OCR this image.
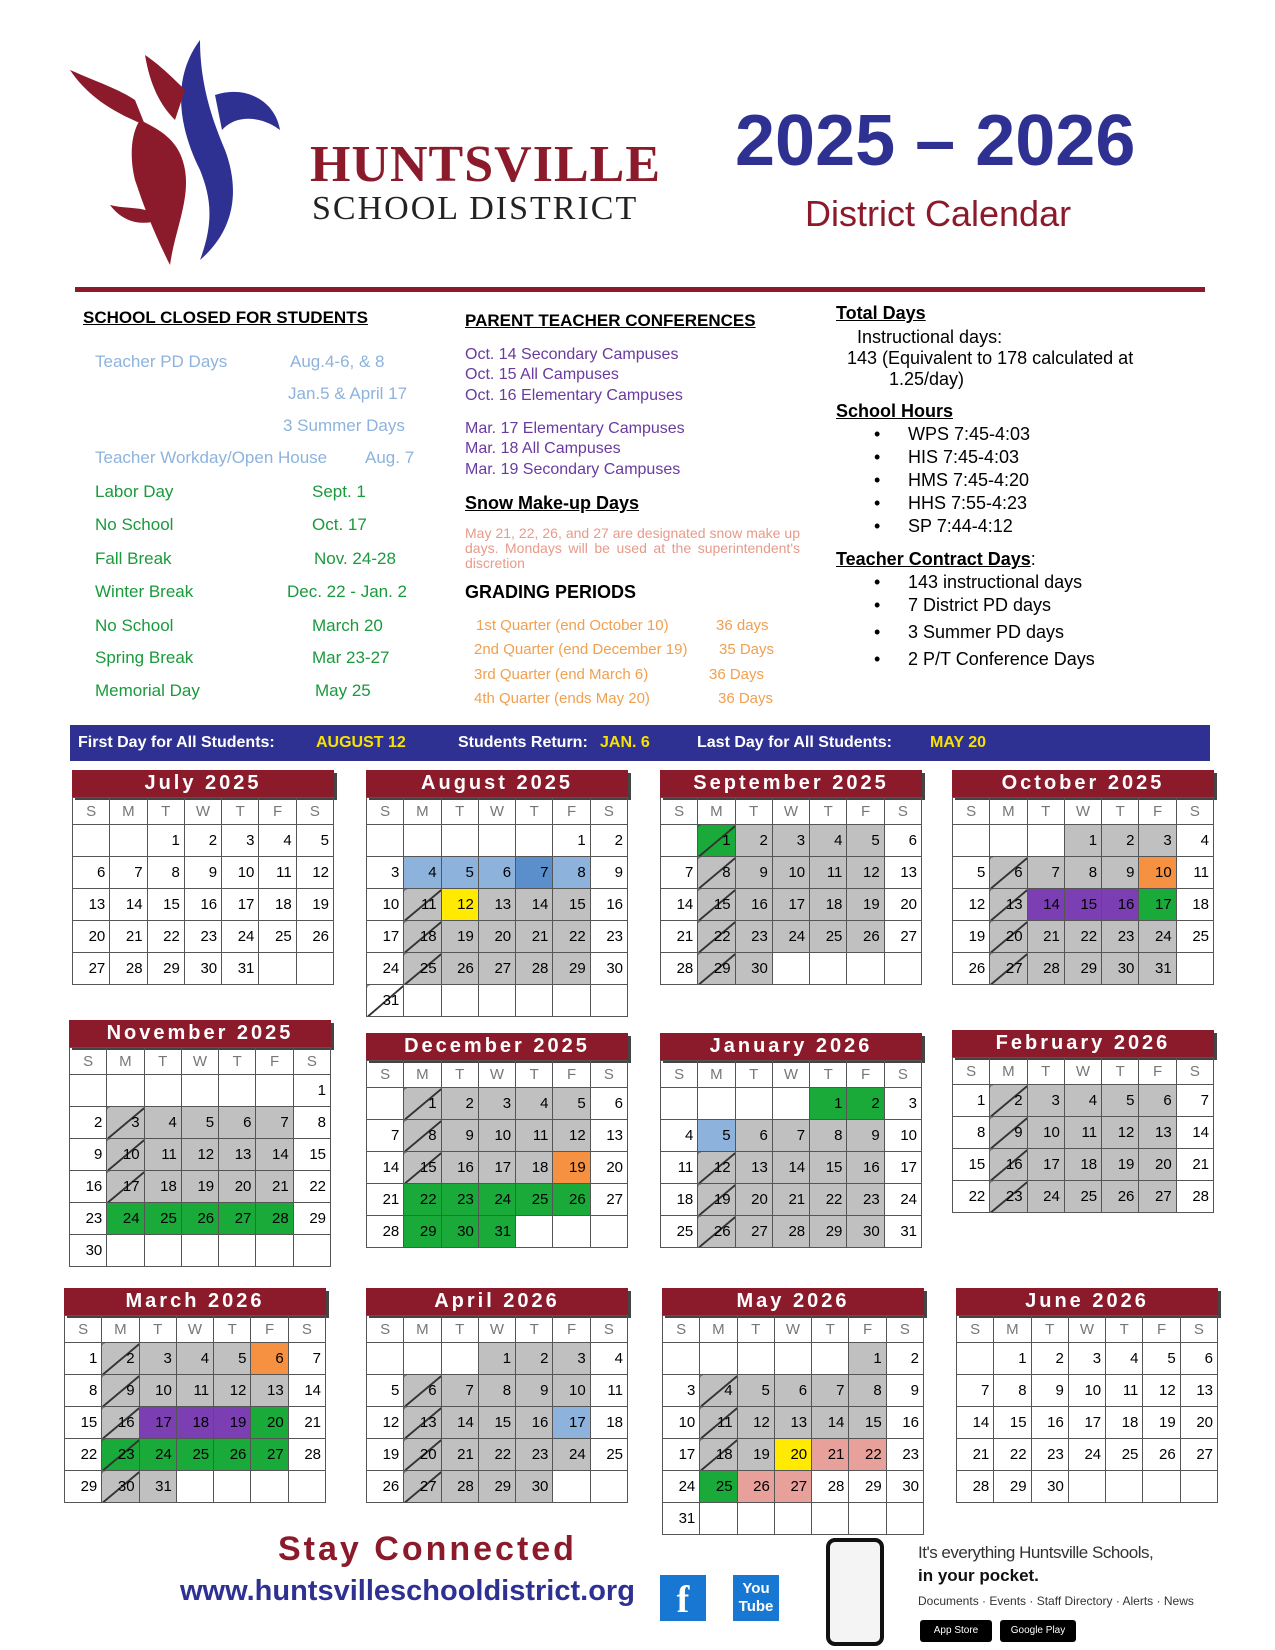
HUNTSVILLE
SCHOOL DISTRICT
2025 – 2026
District Calendar
SCHOOL CLOSED FOR STUDENTS
Teacher PD Days	Aug.4-6, & 8
Jan.5 & April 17
3 Summer Days
Teacher Workday/Open House Aug. 7
Labor Day	Sept. 1
No School	Oct. 17
Fall Break	Nov. 24-28
Winter Break	Dec. 22 - Jan. 2
No School	March 20
Spring Break	Mar 23-27
Memorial Day	May 25
PARENT TEACHER CONFERENCES
Oct. 14 Secondary Campuses
Oct. 15 All Campuses
Oct. 16 Elementary Campuses
Mar. 17 Elementary Campuses
Mar. 18 All Campuses
Mar. 19 Secondary Campuses
Snow Make-up Days
May 21, 22, 26, and 27 are designated snow make up days. Mondays will be used at the superintendent's discretion
GRADING PERIODS
1st Quarter (end October 10)	36 days
2nd Quarter (end December 19) 35 Days
3rd Quarter (end March 6)	36 Days
4th Quarter (ends May 20)	36 Days
Total Days
Instructional days:
143 (Equivalent to 178 calculated at
1.25/day)
School Hours
• WPS 7:45-4:03
• HIS 7:45-4:03
• HMS 7:45-4:20
• HHS 7:55-4:23
• SP 7:44-4:12
Teacher Contract Days:
• 143 instructional days
• 7 District PD days
• 3 Summer PD days
• 2 P/T Conference Days
First Day for All Students:	AUGUST 12	Students Return: JAN. 6	Last Day for All Students: MAY 20
July 2025
S	M	T	W	T	F	S
		1	2	3	4	5
6	7	8	9	10	11	12
13	14	15	16	17	18	19
20	21	22	23	24	25	26
27	28	29	30	31		
August 2025
S	M	T	W	T	F	S
					1	2
3	4	5	6	7	8	9
10	11	12	13	14	15	16
17	18	19	20	21	22	23
24	25	26	27	28	29	30
31						
September 2025
S	M	T	W	T	F	S
	1	2	3	4	5	6
7	8	9	10	11	12	13
14	15	16	17	18	19	20
21	22	23	24	25	26	27
28	29	30				
October 2025
S	M	T	W	T	F	S
			1	2	3	4
5	6	7	8	9	10	11
12	13	14	15	16	17	18
19	20	21	22	23	24	25
26	27	28	29	30	31	
November 2025
S	M	T	W	T	F	S
						1
2	3	4	5	6	7	8
9	10	11	12	13	14	15
16	17	18	19	20	21	22
23	24	25	26	27	28	29
30						
December 2025
S	M	T	W	T	F	S
	1	2	3	4	5	6
7	8	9	10	11	12	13
14	15	16	17	18	19	20
21	22	23	24	25	26	27
28	29	30	31			
January 2026
S	M	T	W	T	F	S
				1	2	3
4	5	6	7	8	9	10
11	12	13	14	15	16	17
18	19	20	21	22	23	24
25	26	27	28	29	30	31
February 2026
S	M	T	W	T	F	S
1	2	3	4	5	6	7
8	9	10	11	12	13	14
15	16	17	18	19	20	21
22	23	24	25	26	27	28
March 2026
S	M	T	W	T	F	S
1	2	3	4	5	6	7
8	9	10	11	12	13	14
15	16	17	18	19	20	21
22	23	24	25	26	27	28
29	30	31				
April 2026
S	M	T	W	T	F	S
			1	2	3	4
5	6	7	8	9	10	11
12	13	14	15	16	17	18
19	20	21	22	23	24	25
26	27	28	29	30		
May 2026
S	M	T	W	T	F	S
					1	2
3	4	5	6	7	8	9
10	11	12	13	14	15	16
17	18	19	20	21	22	23
24	25	26	27	28	29	30
31						
June 2026
S	M	T	W	T	F	S
	1	2	3	4	5	6
7	8	9	10	11	12	13
14	15	16	17	18	19	20
21	22	23	24	25	26	27
28	29	30				
Stay Connected
www.huntsvilleschooldistrict.org	f	You
Tube
It's everything Huntsville Schools,
in your pocket.
Documents · Events · Staff Directory · Alerts · News
App Store	Google Play
